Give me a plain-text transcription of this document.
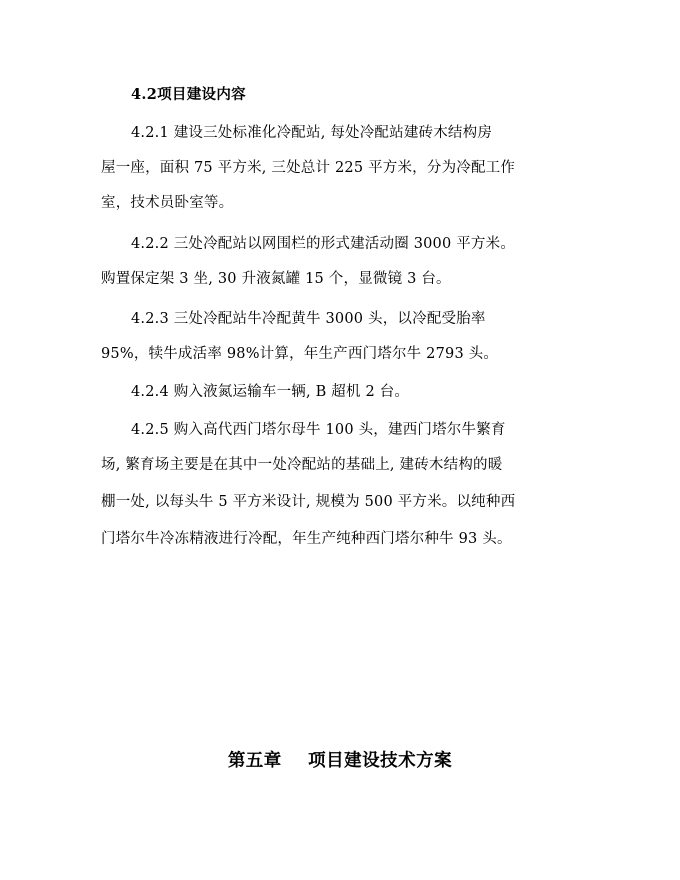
4.2项目建设内容
4.2.1 建设三处标准化冷配站, 每处冷配站建砖木结构房
屋一座，面积 75 平方米, 三处总计 225 平方米，分为冷配工作
室，技术员卧室等。
4.2.2 三处冷配站以网围栏的形式建活动圈 3000 平方米。
购置保定架 3 坐, 30 升液氮罐 15 个，显微镜 3 台。
4.2.3 三处冷配站牛冷配黄牛 3000 头，以冷配受胎率
95%，犊牛成活率 98%计算，年生产西门塔尔牛 2793 头。
4.2.4 购入液氮运输车一辆, B 超机 2 台。
4.2.5 购入高代西门塔尔母牛 100 头，建西门塔尔牛繁育
场, 繁育场主要是在其中一处冷配站的基础上, 建砖木结构的暖
棚一处, 以每头牛 5 平方米设计, 规模为 500 平方米。以纯种西
门塔尔牛冷冻精液进行冷配，年生产纯种西门塔尔种牛 93 头。
第五章    项目建设技术方案
